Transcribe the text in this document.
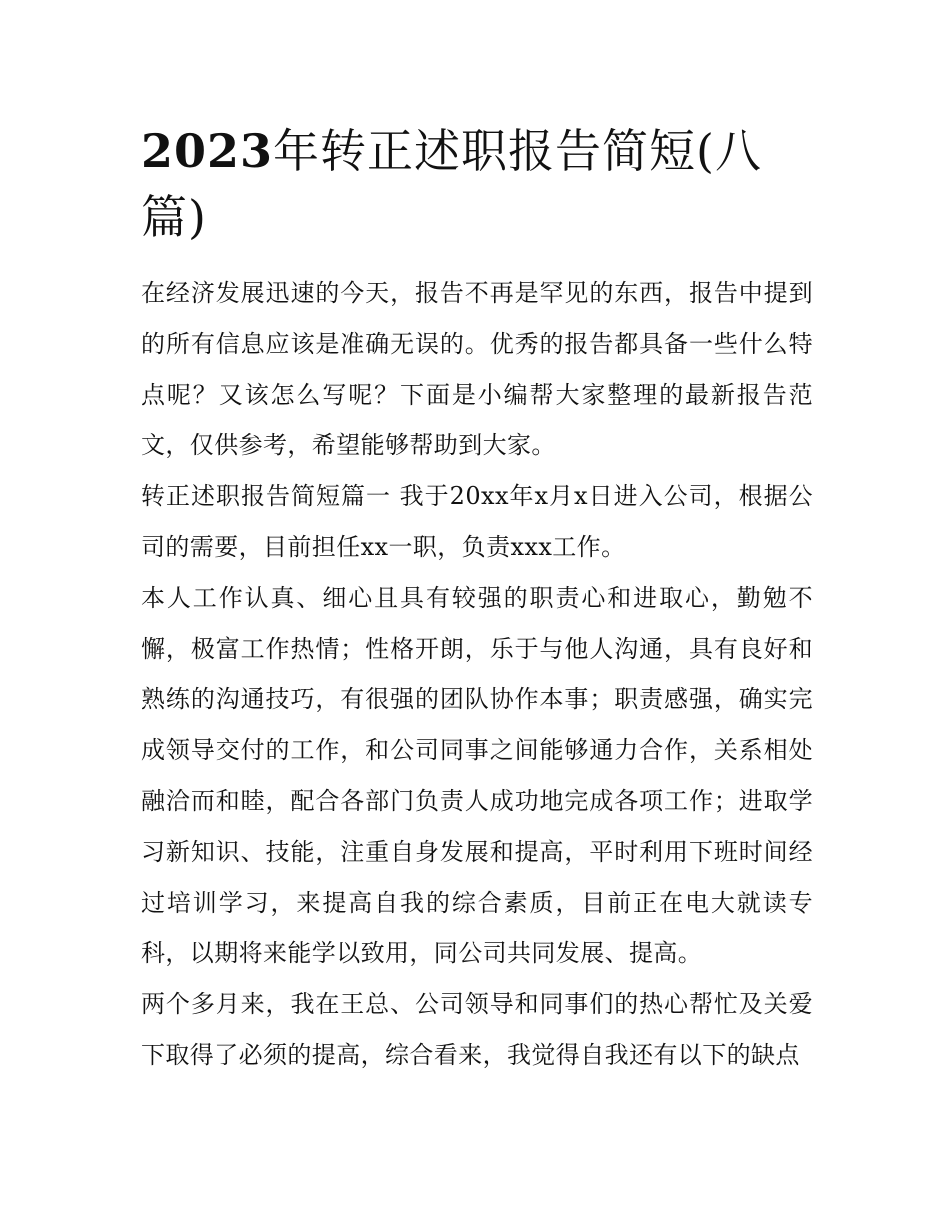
2023年转正述职报告简短(八篇)

在经济发展迅速的今天，报告不再是罕见的东西，报告中提到的所有信息应该是准确无误的。优秀的报告都具备一些什么特点呢？又该怎么写呢？下面是小编帮大家整理的最新报告范文，仅供参考，希望能够帮助到大家。

转正述职报告简短篇一 我于20xx年x月x日进入公司，根据公司的需要，目前担任xx一职，负责xxx工作。

本人工作认真、细心且具有较强的职责心和进取心，勤勉不懈，极富工作热情；性格开朗，乐于与他人沟通，具有良好和熟练的沟通技巧，有很强的团队协作本事；职责感强，确实完成领导交付的工作，和公司同事之间能够通力合作，关系相处融洽而和睦，配合各部门负责人成功地完成各项工作；进取学习新知识、技能，注重自身发展和提高，平时利用下班时间经过培训学习，来提高自我的综合素质，目前正在电大就读专科，以期将来能学以致用，同公司共同发展、提高。

两个多月来，我在王总、公司领导和同事们的热心帮忙及关爱下取得了必须的提高，综合看来，我觉得自我还有以下的缺点
